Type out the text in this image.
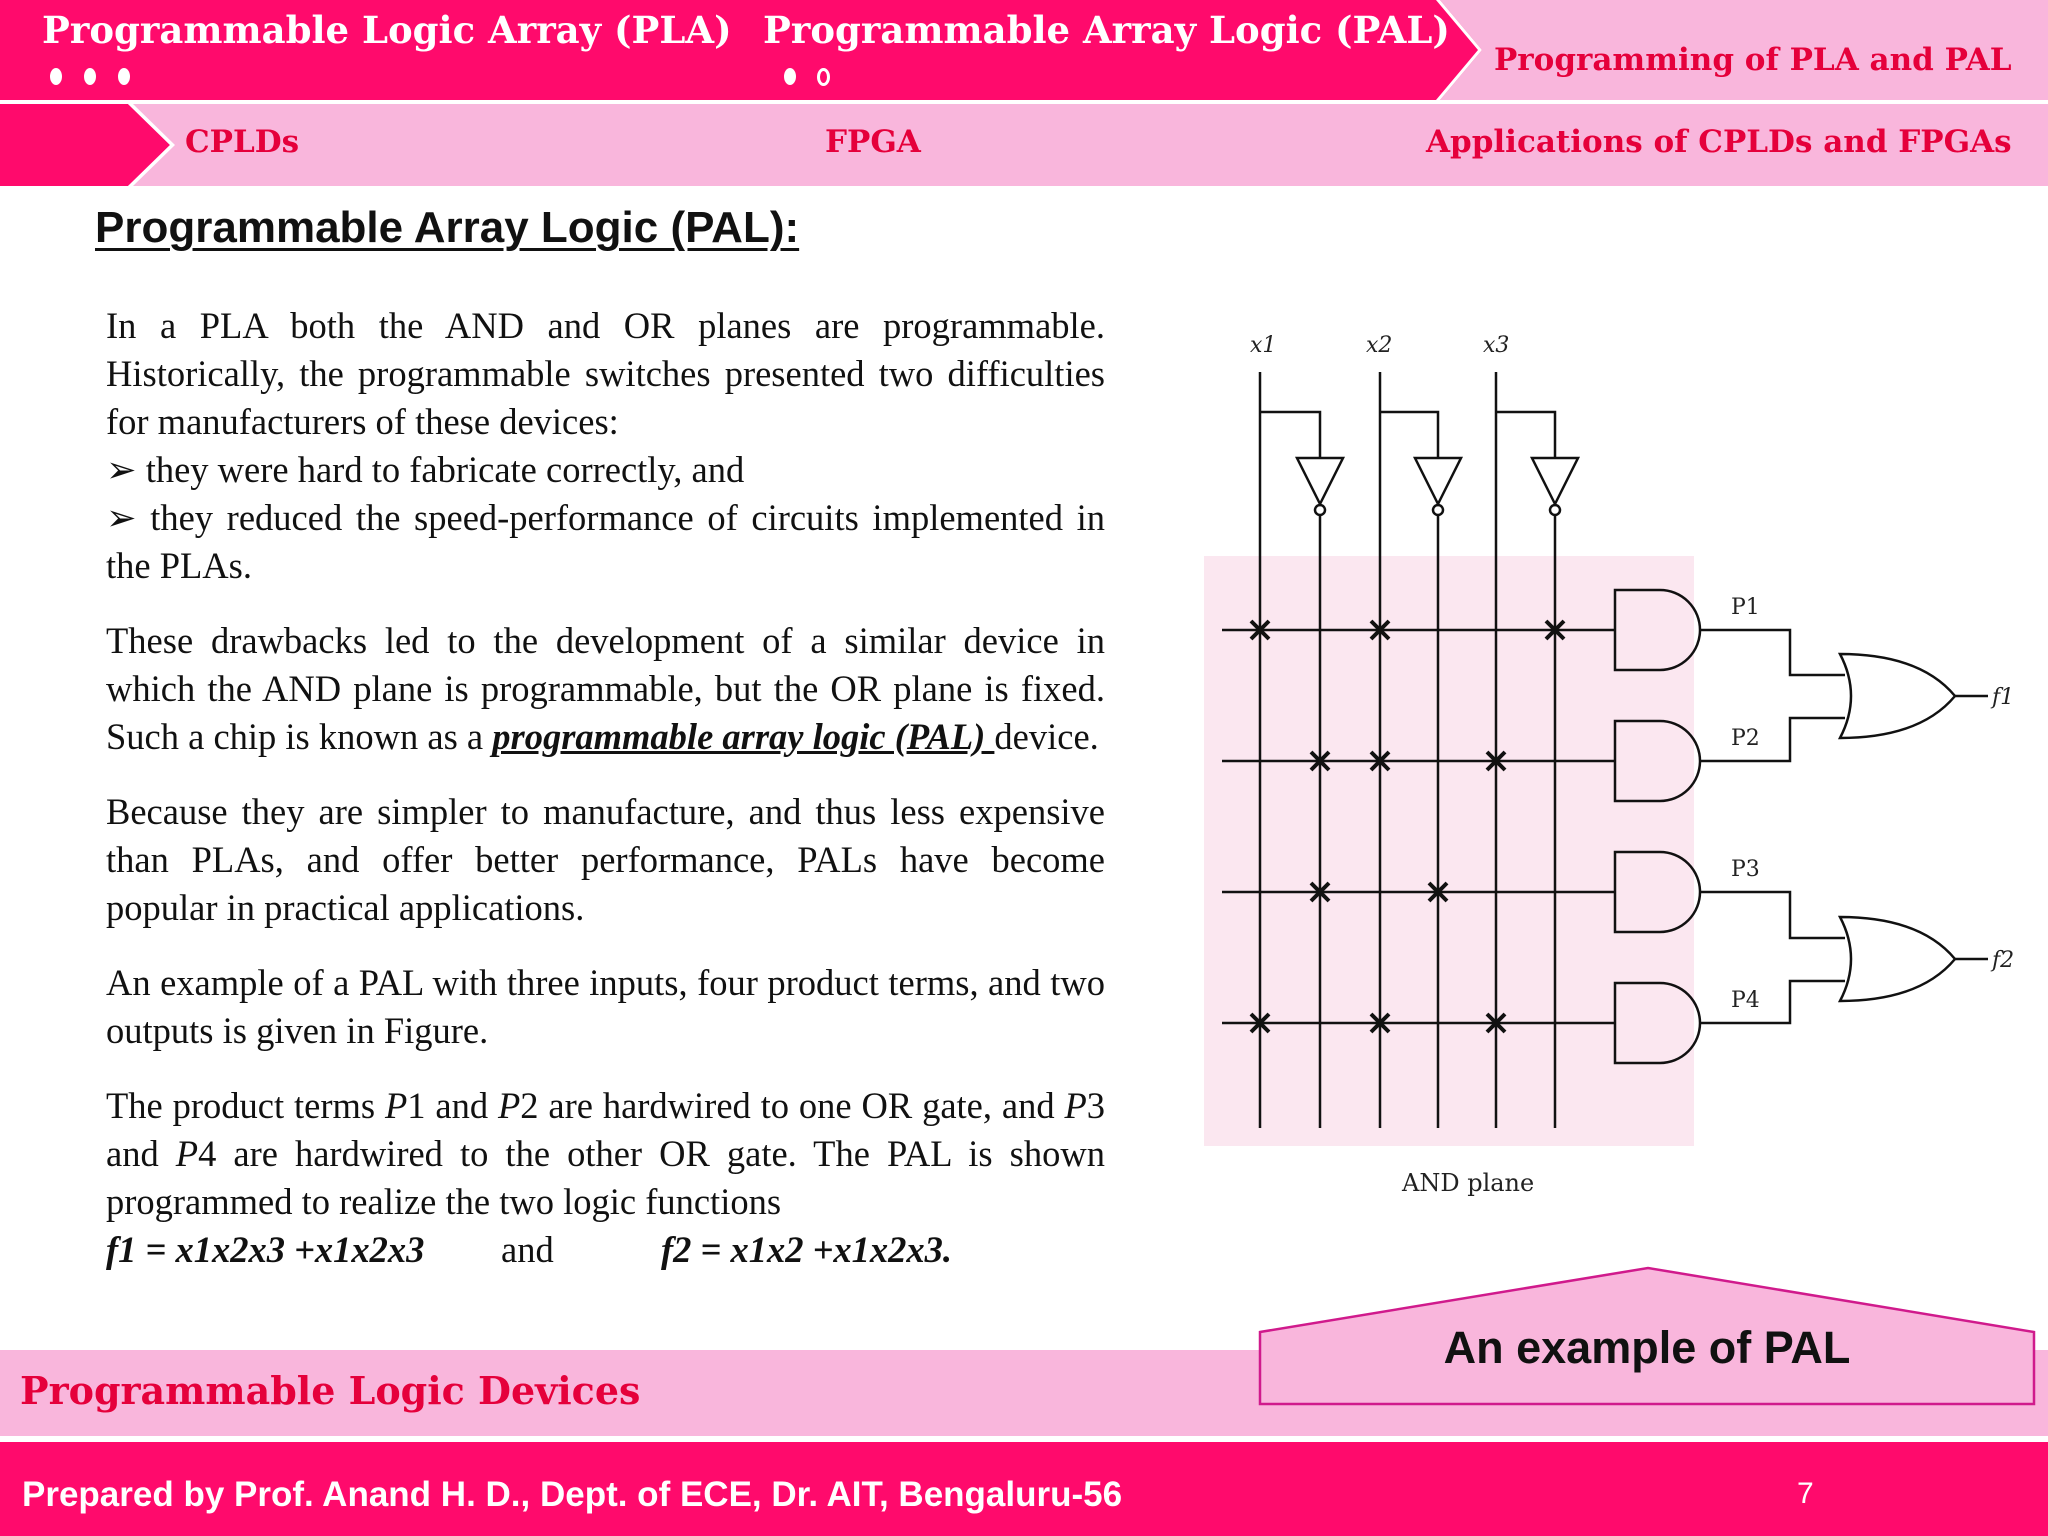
Programmable Logic Array (PLA) Programmable Array Logic (PAL)
Programming of PLA and PAL
CPLDs	FPGA	Applications of CPLDs and FPGAs
Programmable Array Logic (PAL):

In a PLA both the AND and OR planes are programmable. Historically, the programmable switches presented two difficulties for manufacturers of these devices:
➢ they were hard to fabricate correctly, and
➢ they reduced the speed-performance of circuits implemented in the PLAs.

These drawbacks led to the development of a similar device in which the AND plane is programmable, but the OR plane is fixed. Such a chip is known as a programmable array logic (PAL) device.

Because they are simpler to manufacture, and thus less expensive than PLAs, and offer better performance, PALs have become popular in practical applications.

An example of a PAL with three inputs, four product terms, and two outputs is given in Figure.

The product terms P1 and P2 are hardwired to one OR gate, and P3 and P4 are hardwired to the other OR gate. The PAL is shown programmed to realize the two logic functions

f1 = x1x2x3 +x1x2x3	and	f2 = x1x2 +x1x2x3.
x1	x2	x3
P1
P2
P3
P4
f1
f2
AND plane
Programmable Logic Devices
An example of PAL
Prepared by Prof. Anand H. D., Dept. of ECE, Dr. AIT, Bengaluru-56	7
